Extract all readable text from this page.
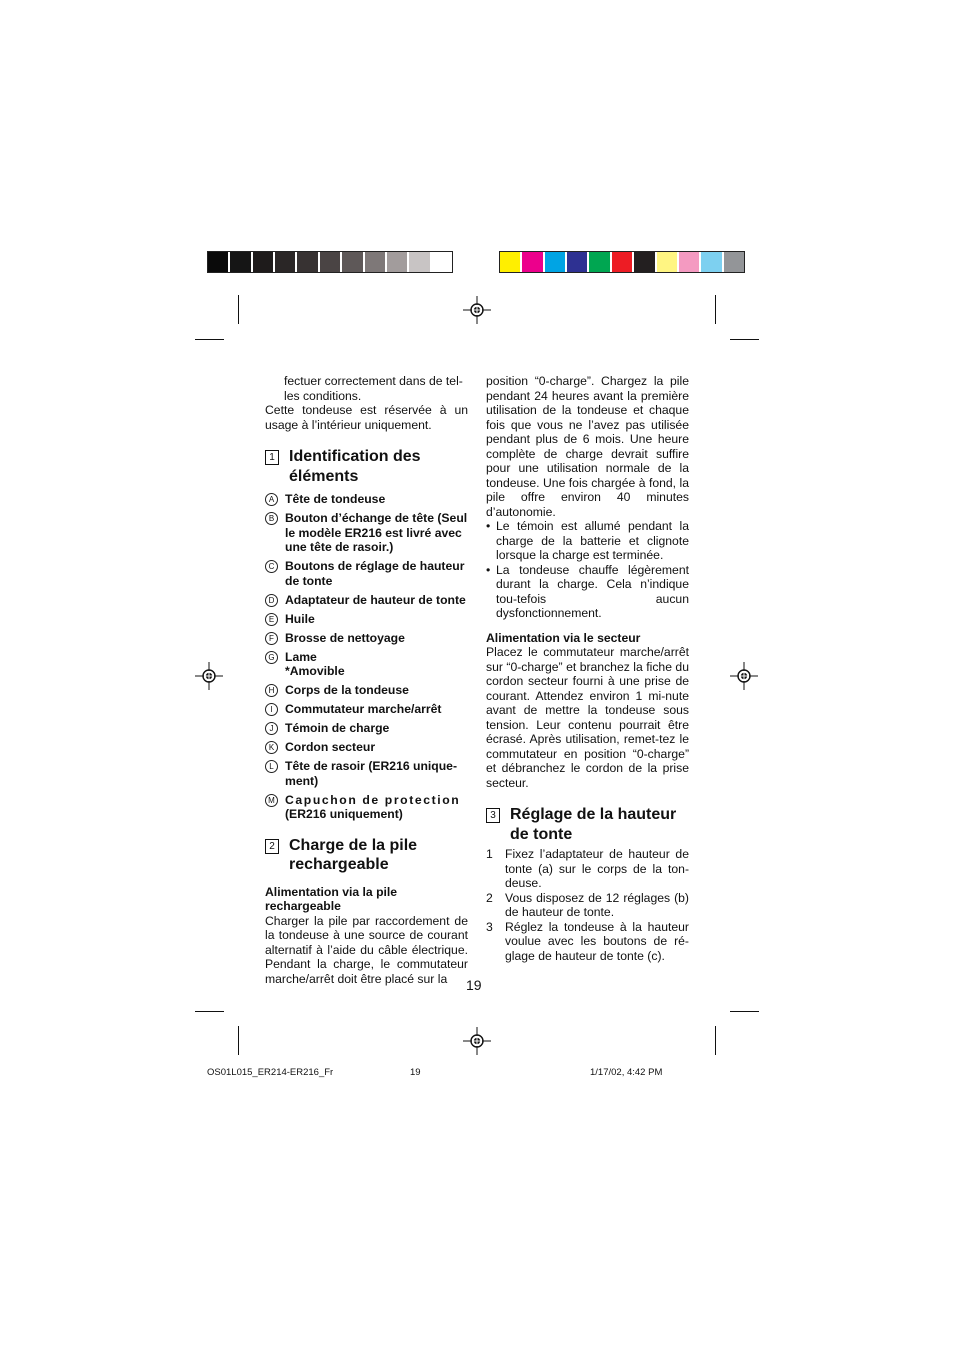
fectuer correctement dans de tel-les conditions.

Cette tondeuse est réservée à un usage à l’intérieur uniquement.

1 Identification des éléments
A Tête de tondeuse
B Bouton d’échange de tête (Seul le modèle ER216 est livré avec une tête de rasoir.)
C Boutons de réglage de hauteur de tonte
D Adaptateur de hauteur de tonte
E Huile
F Brosse de nettoyage
G Lame
*Amovible
H Corps de la tondeuse
I	Commutateur marche/arrêt
J Témoin de charge
K Cordon secteur
L Tête de rasoir (ER216 unique-ment)
M Capuchon de protection
(ER216 uniquement)
2 Charge de la pile rechargeable
Alimentation via la pile rechargeable

Charger la pile par raccordement de la tondeuse à une source de courant alternatif à l’aide du câble électrique. Pendant la charge, le commutateur marche/arrêt doit être placé sur la

position “0-charge”. Chargez la pile pendant 24 heures avant la première utilisation de la tondeuse et chaque fois que vous ne l’avez pas utilisée pendant plus de 6 mois. Une heure complète de charge devrait suffire pour une utilisation normale de la tondeuse. Une fois chargée à fond, la pile offre environ 40 minutes d’autonomie.

• Le témoin est allumé pendant la charge de la batterie et clignote lorsque la charge est terminée.
• La tondeuse chauffe légèrement durant la charge. Cela n’indique tou-tefois aucun dysfonctionnement.
Alimentation via le secteur

Placez le commutateur marche/arrêt sur “0-charge” et branchez la fiche du cordon secteur fourni à une prise de courant. Attendez environ 1 mi-nute avant de mettre la tondeuse sous tension. Leur contenu pourrait être écrasé. Après utilisation, remet-tez le commutateur en position “0-charge” et débranchez le cordon de la prise secteur.

3 Réglage de la hauteur de tonte
1	Fixez l’adaptateur de hauteur de tonte (a) sur le corps de la ton-deuse.
2	Vous disposez de 12 réglages (b) de hauteur de tonte.
3	Réglez la tondeuse à la hauteur voulue avec les boutons de ré-glage de hauteur de tonte (c).
19
OS01L015_ER214-ER216_Fr	19	1/17/02, 4:42 PM
